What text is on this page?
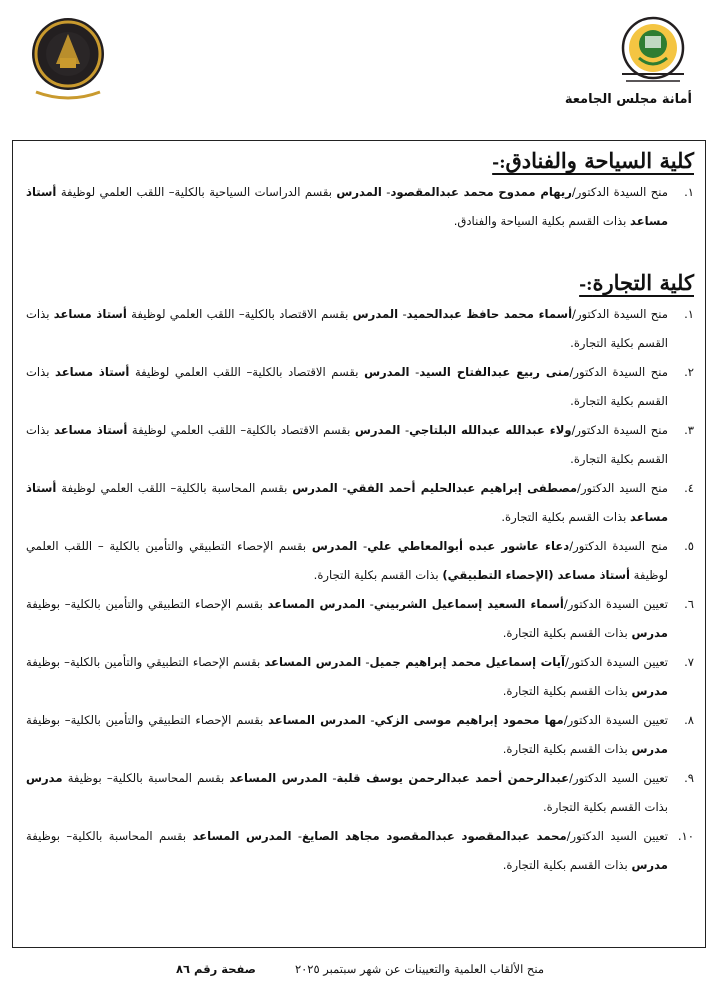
أمانة مجلس الجامعة
كلية السياحة والفنادق:-
١.
منح السيدة الدكتور/ريهام ممدوح محمد عبدالمقصود- المدرس بقسم الدراسات السياحية بالكلية– اللقب العلمي لوظيفة أستاذ مساعد بذات القسم بكلية السياحة والفنادق.
كلية التجارة:-
١.
منح السيدة الدكتور/أسماء محمد حافظ عبدالحميد- المدرس بقسم الاقتصاد بالكلية– اللقب العلمي لوظيفة أستاذ مساعد بذات القسم بكلية التجارة.
٢.
منح السيدة الدكتور/منى ربيع عبدالفتاح السيد- المدرس بقسم الاقتصاد بالكلية– اللقب العلمي لوظيفة أستاذ مساعد بذات القسم بكلية التجارة.
٣.
منح السيدة الدكتور/ولاء عبدالله عبدالله البلتاجي- المدرس بقسم الاقتصاد بالكلية– اللقب العلمي لوظيفة أستاذ مساعد بذات القسم بكلية التجارة.
٤.
منح السيد الدكتور/مصطفى إبراهيم عبدالحليم أحمد الفقي- المدرس بقسم المحاسبة بالكلية– اللقب العلمي لوظيفة أستاذ مساعد بذات القسم بكلية التجارة.
٥.
منح السيدة الدكتور/دعاء عاشور عبده أبوالمعاطي علي- المدرس بقسم الإحصاء التطبيقي والتأمين بالكلية – اللقب العلمي لوظيفة أستاذ مساعد (الإحصاء التطبيقي) بذات القسم بكلية التجارة.
٦.
تعيين السيدة الدكتور/أسماء السعيد إسماعيل الشربيني- المدرس المساعد بقسم الإحصاء التطبيقي والتأمين بالكلية– بوظيفة مدرس بذات القسم بكلية التجارة.
٧.
تعيين السيدة الدكتور/آيات إسماعيل محمد إبراهيم جميل- المدرس المساعد بقسم الإحصاء التطبيقي والتأمين بالكلية– بوظيفة مدرس بذات القسم بكلية التجارة.
٨.
تعيين السيدة الدكتور/مها محمود إبراهيم موسى الزكي- المدرس المساعد بقسم الإحصاء التطبيقي والتأمين بالكلية– بوظيفة مدرس بذات القسم بكلية التجارة.
٩.
تعيين السيد الدكتور/عبدالرحمن أحمد عبدالرحمن يوسف قلبة- المدرس المساعد بقسم المحاسبة بالكلية– بوظيفة مدرس بذات القسم بكلية التجارة.
١٠.
تعيين السيد الدكتور/محمد عبدالمقصود عبدالمقصود مجاهد الصايغ- المدرس المساعد بقسم المحاسبة بالكلية– بوظيفة مدرس بذات القسم بكلية التجارة.
منح الألقاب العلمية والتعيينات عن شهر سبتمبر ٢٠٢٥
صفحة رقم ٨٦
